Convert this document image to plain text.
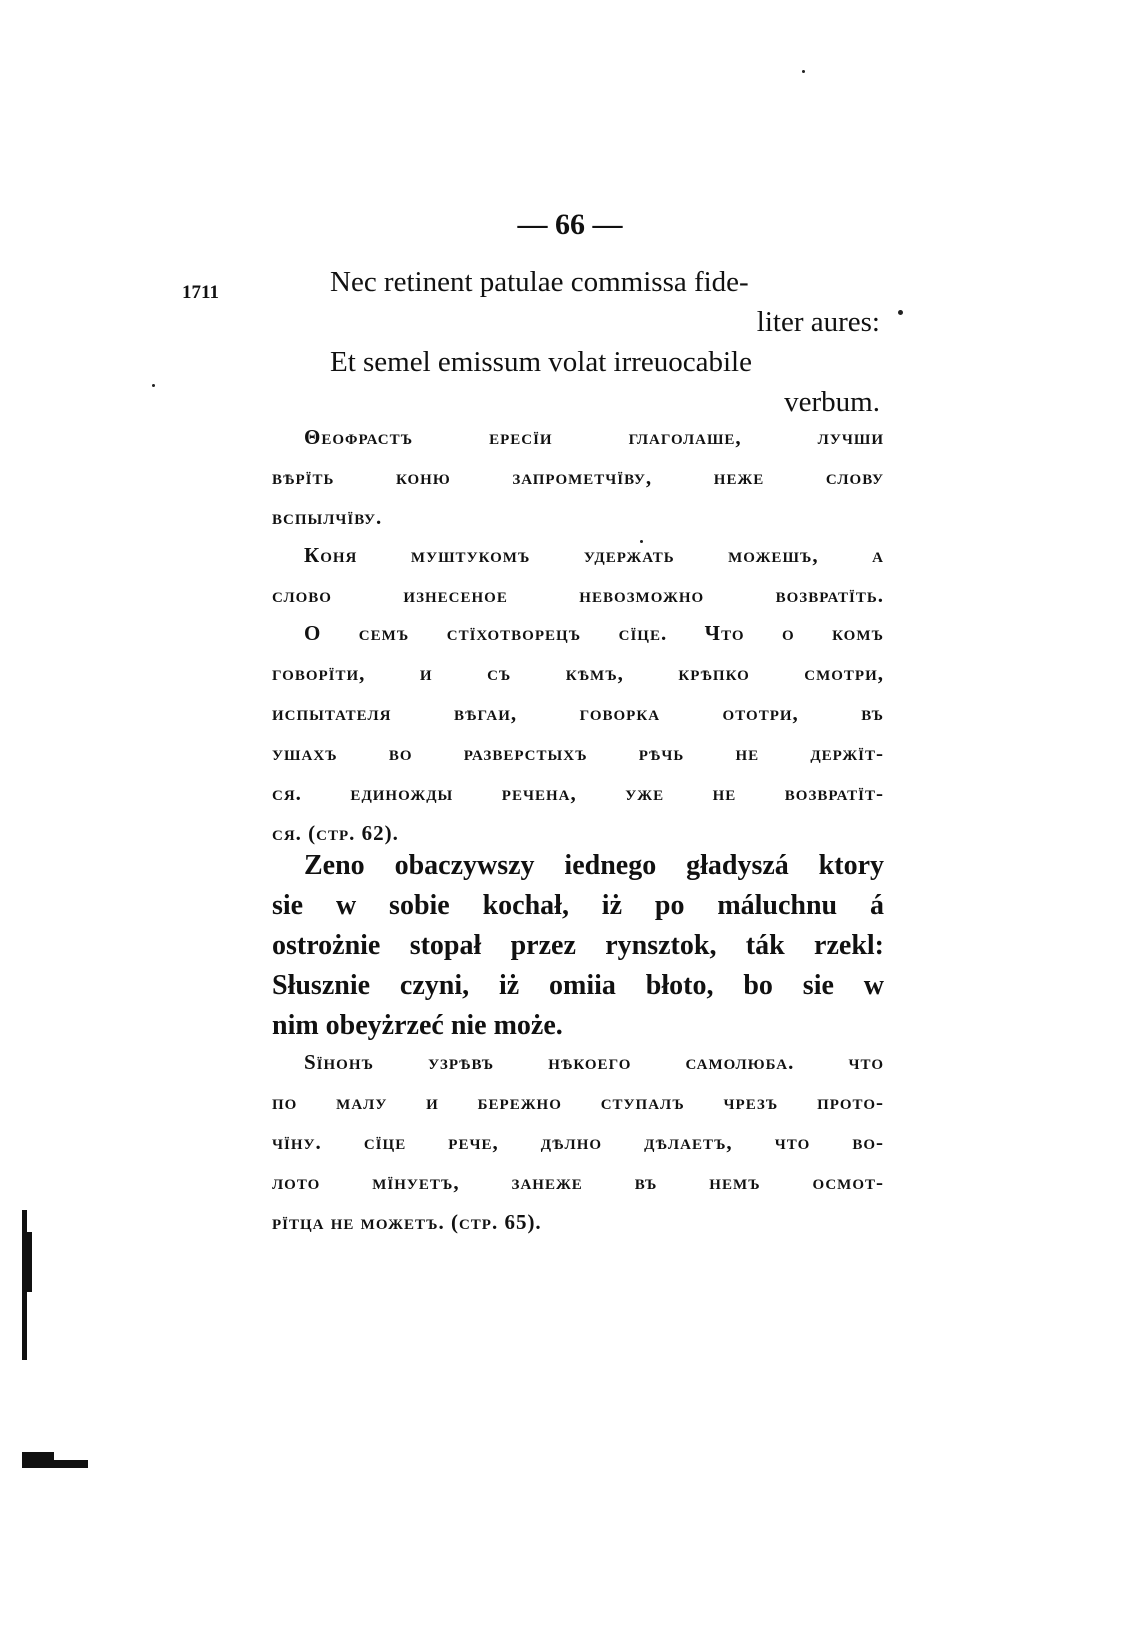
— 66 —
1711	Nec retinent patulae commissa fide-
liter aures:
Et semel emissum volat irreuocabile
verbum.
Θεοφрастъ ересїи глаголаше, лучши
вѣрїть коню запрометчїву, неже слову
вспылчїву.
Коня муштукомъ удержать можешъ, а
слово изнесеное невозможно возвратїть.
О семъ стїхотворецъ сїце. Что о комъ
говорїти, и съ кѣмъ, крѣпко смотри,
испытателя вѣгаи, говорка ототри, въ
ушахъ во разверстыхъ рѣчь не держїт-
ся. единожды речена, уже не возвратїт-
ся. (стр. 62).
Zeno obaczywszy iednego gładyszá ktory
sie w sobie kochał, iż po máluchnu á
ostrożnie stopał przez rynsztok, ták rzekl:
Słusznie czyni, iż omiia błoto, bo sie w
nim obeyżrzeć nie może.
Sїнонъ узрѣвъ нѣкоего самолюба. что
по малу и бережно ступалъ чрезъ прото-
чїну. сїце рече, дѣлно дѣлаетъ, что во-
лото мїнуетъ, занеже въ немъ осмот-
рїтца не можетъ. (стр. 65).
